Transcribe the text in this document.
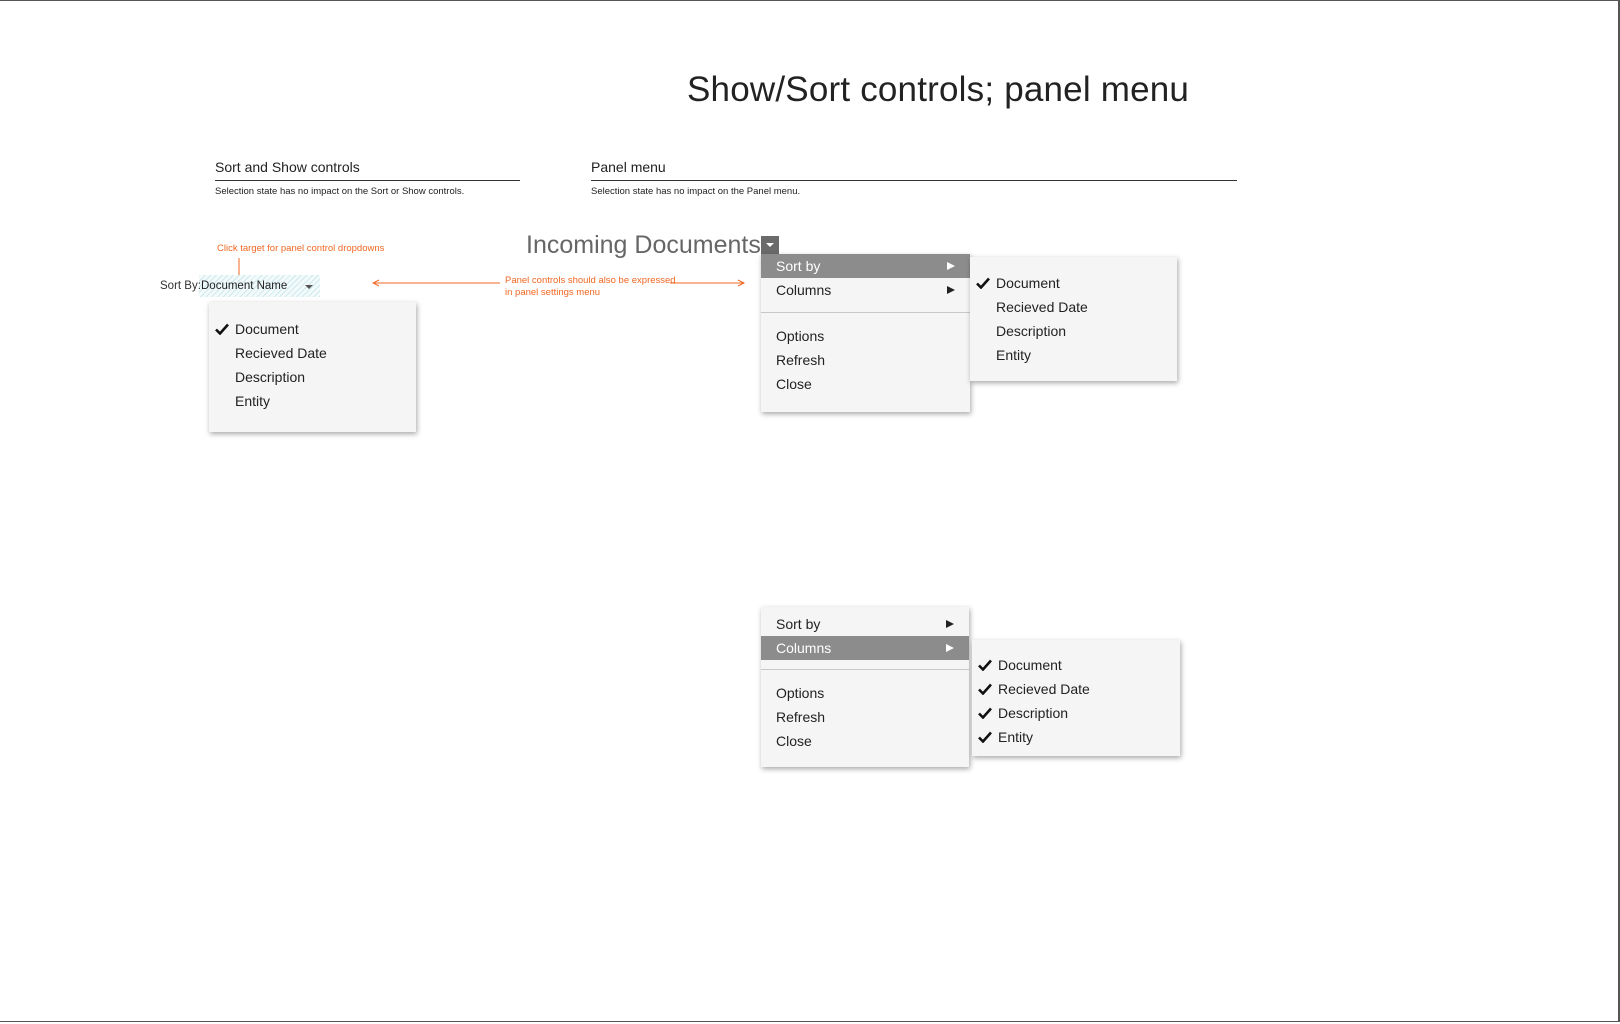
Show/Sort controls; panel menu
Sort and Show controls
Selection state has no impact on the Sort or Show controls.
Panel menu
Selection state has no impact on the Panel menu.
Click target for panel control dropdowns
Sort By: Document Name	Panel controls should also be expressed
in panel settings menu
Document
Recieved Date
Description
Entity
Incoming Documents
Sort by
Columns
Options
Refresh
Close
Document
Recieved Date
Description
Entity
Sort by
Columns
Options
Refresh
Close
Document
Recieved Date
Description
Entity
